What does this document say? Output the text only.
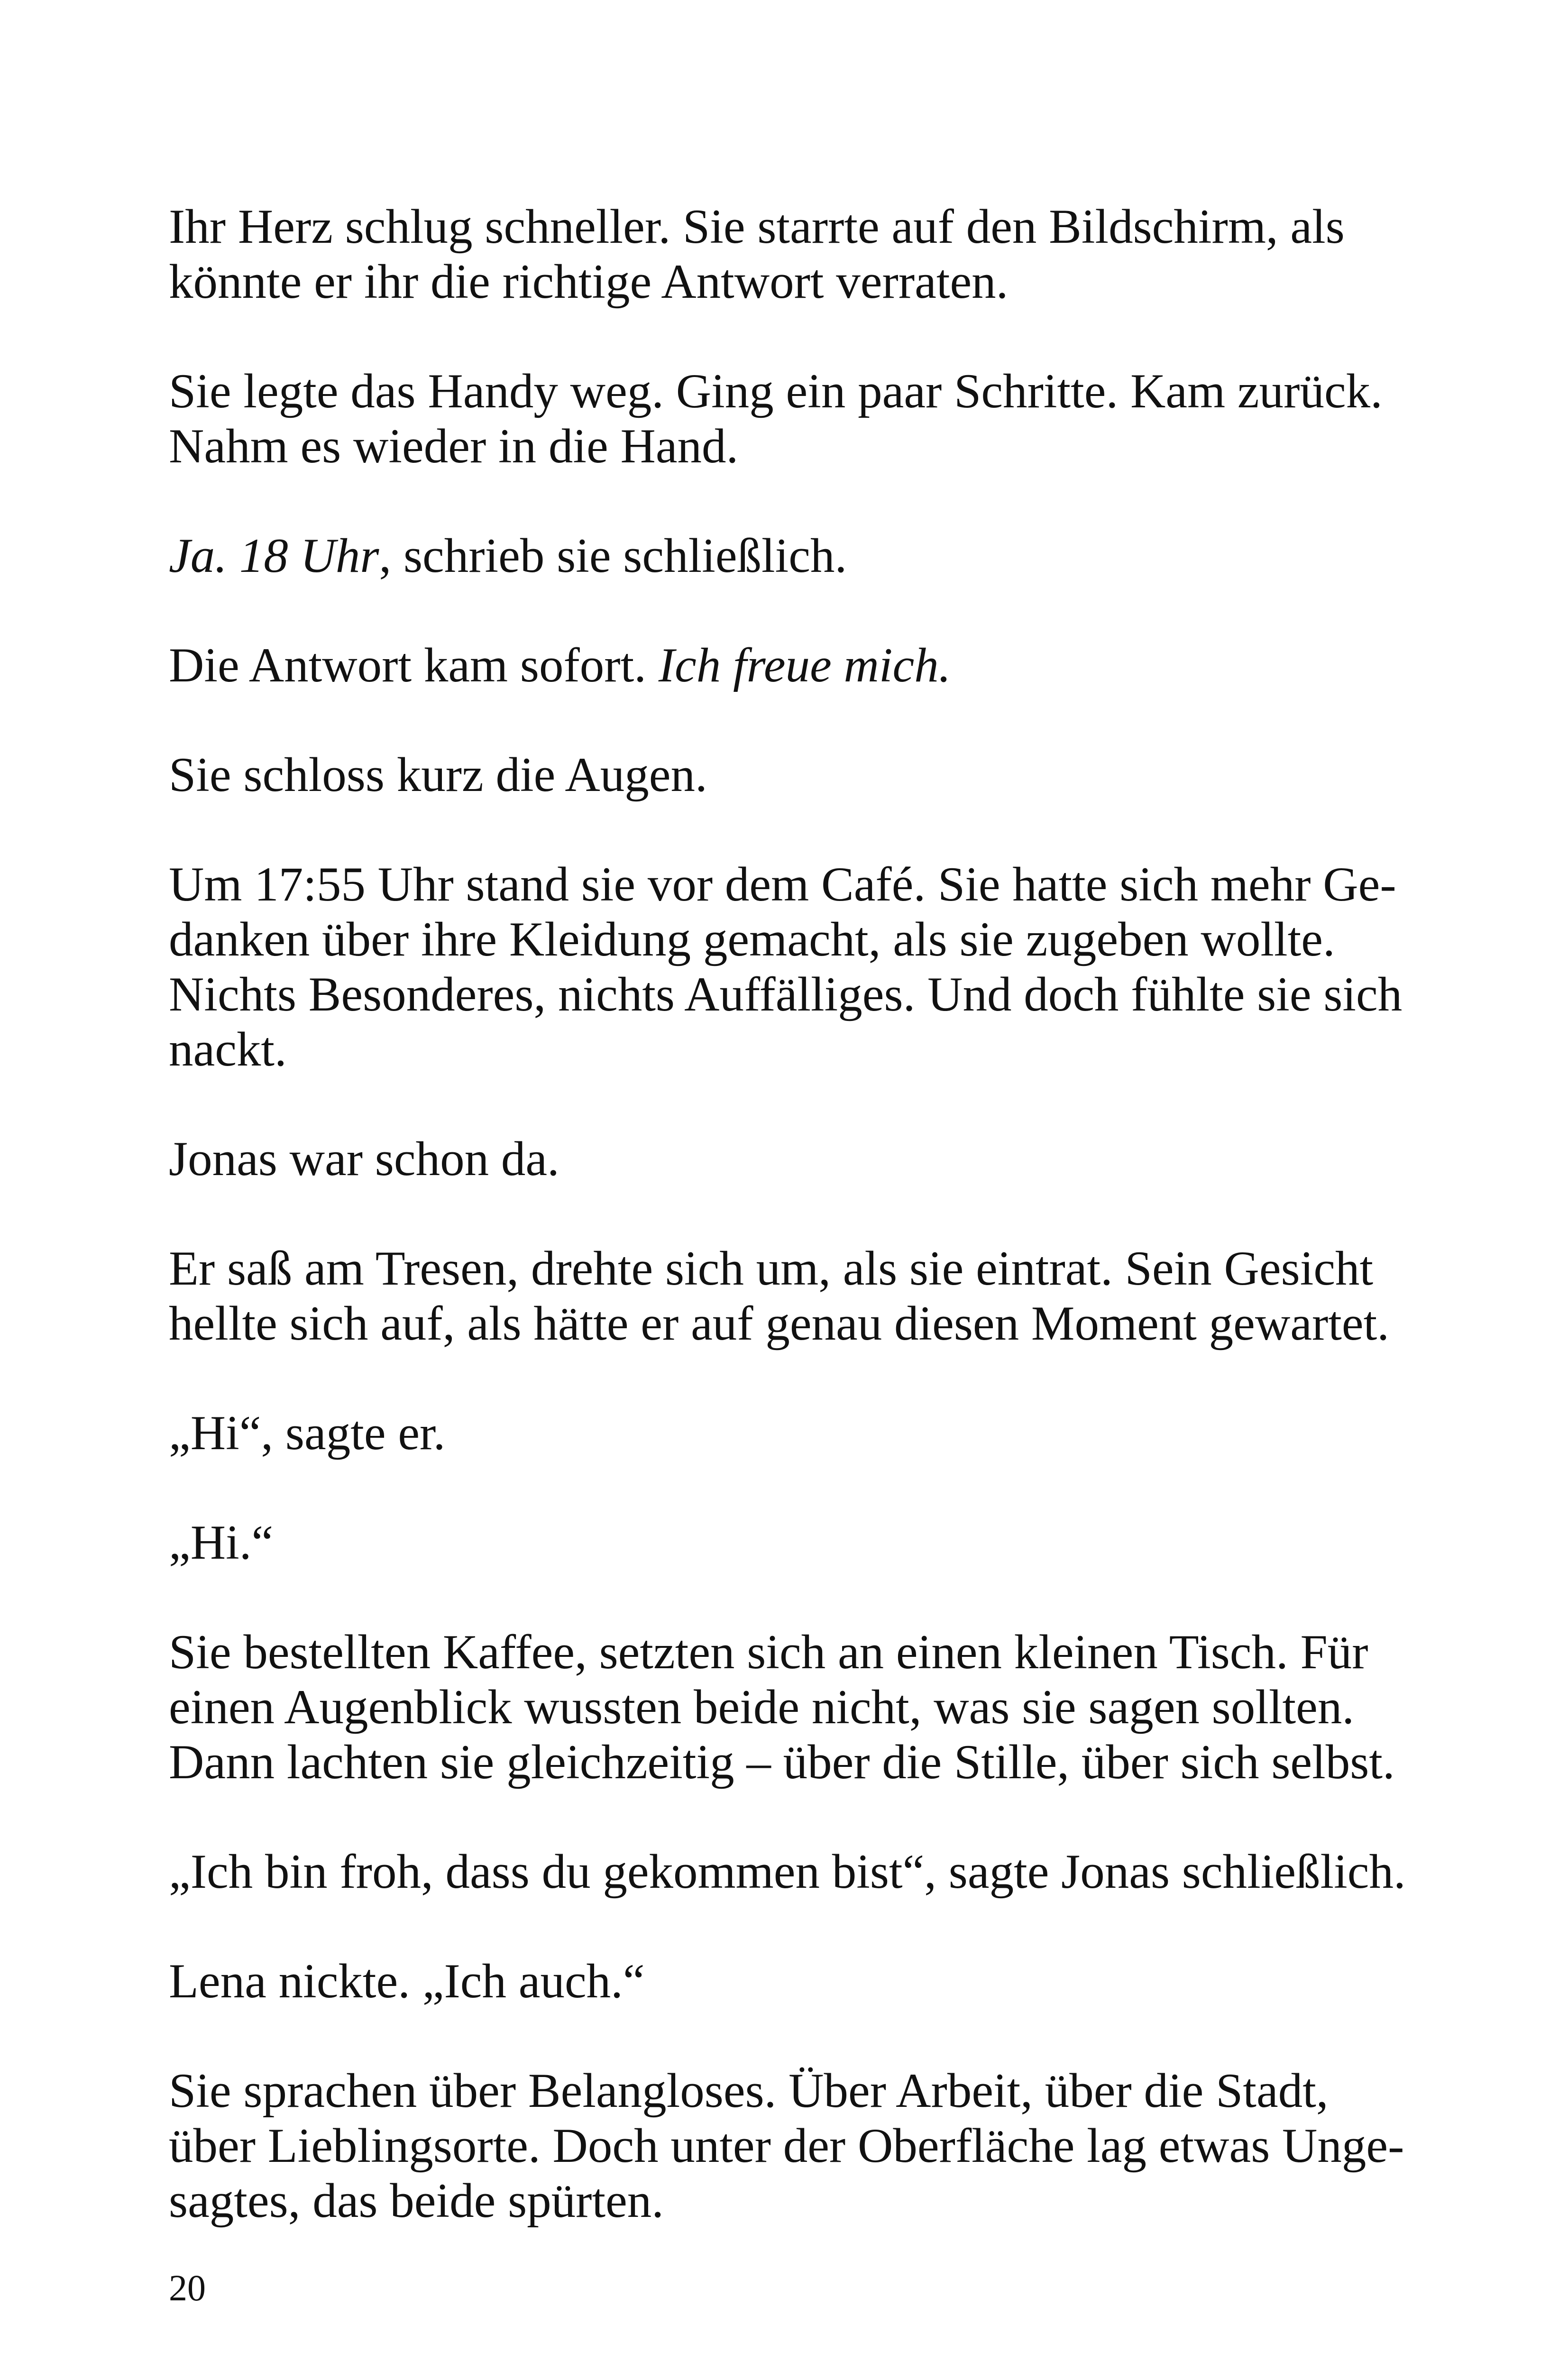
Ihr Herz schlug schneller. Sie starrte auf den Bildschirm, als
könnte er ihr die richtige Antwort verraten.

Sie legte das Handy weg. Ging ein paar Schritte. Kam zurück.
Nahm es wieder in die Hand.

Ja. 18 Uhr, schrieb sie schließlich.

Die Antwort kam sofort. Ich freue mich.

Sie schloss kurz die Augen.

Um 17:55 Uhr stand sie vor dem Café. Sie hatte sich mehr Ge-
danken über ihre Kleidung gemacht, als sie zugeben wollte.
Nichts Besonderes, nichts Auffälliges. Und doch fühlte sie sich
nackt.

Jonas war schon da.

Er saß am Tresen, drehte sich um, als sie eintrat. Sein Gesicht
hellte sich auf, als hätte er auf genau diesen Moment gewartet.

„Hi“, sagte er.

„Hi.“

Sie bestellten Kaffee, setzten sich an einen kleinen Tisch. Für
einen Augenblick wussten beide nicht, was sie sagen sollten.
Dann lachten sie gleichzeitig – über die Stille, über sich selbst.

„Ich bin froh, dass du gekommen bist“, sagte Jonas schließlich.

Lena nickte. „Ich auch.“

Sie sprachen über Belangloses. Über Arbeit, über die Stadt,
über Lieblingsorte. Doch unter der Oberfläche lag etwas Unge-
sagtes, das beide spürten.

20
